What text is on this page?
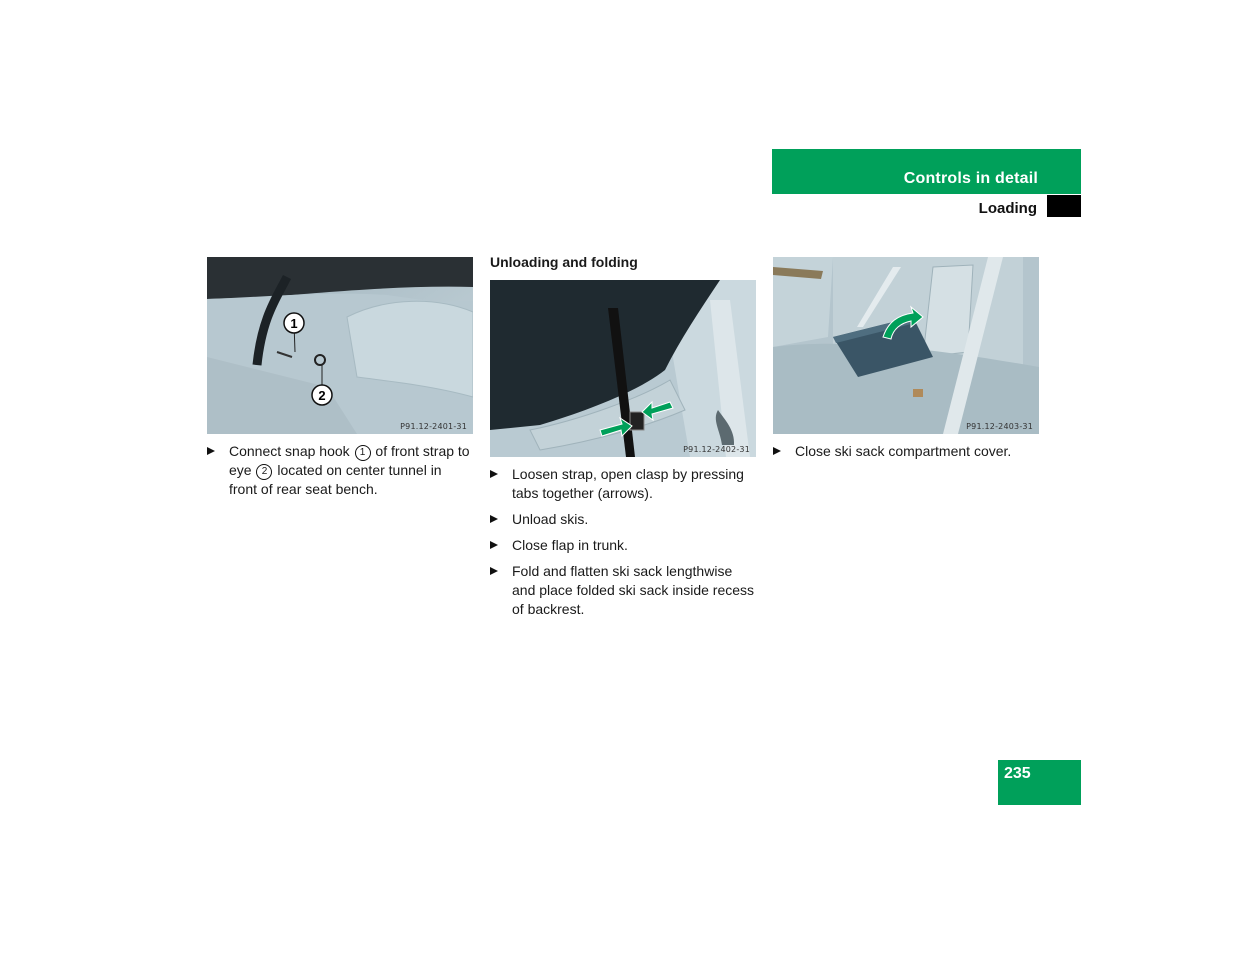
Controls in detail
Loading
1
2
P91.12-2401-31
Connect snap hook 1 of front strap to eye 2 located on center tunnel in front of rear seat bench.
Unloading and folding
P91.12-2402-31
Loosen strap, open clasp by pressing tabs together (arrows).
Unload skis.
Close flap in trunk.
Fold and flatten ski sack lengthwise and place folded ski sack inside recess of backrest.
P91.12-2403-31
Close ski sack compartment cover.
235
